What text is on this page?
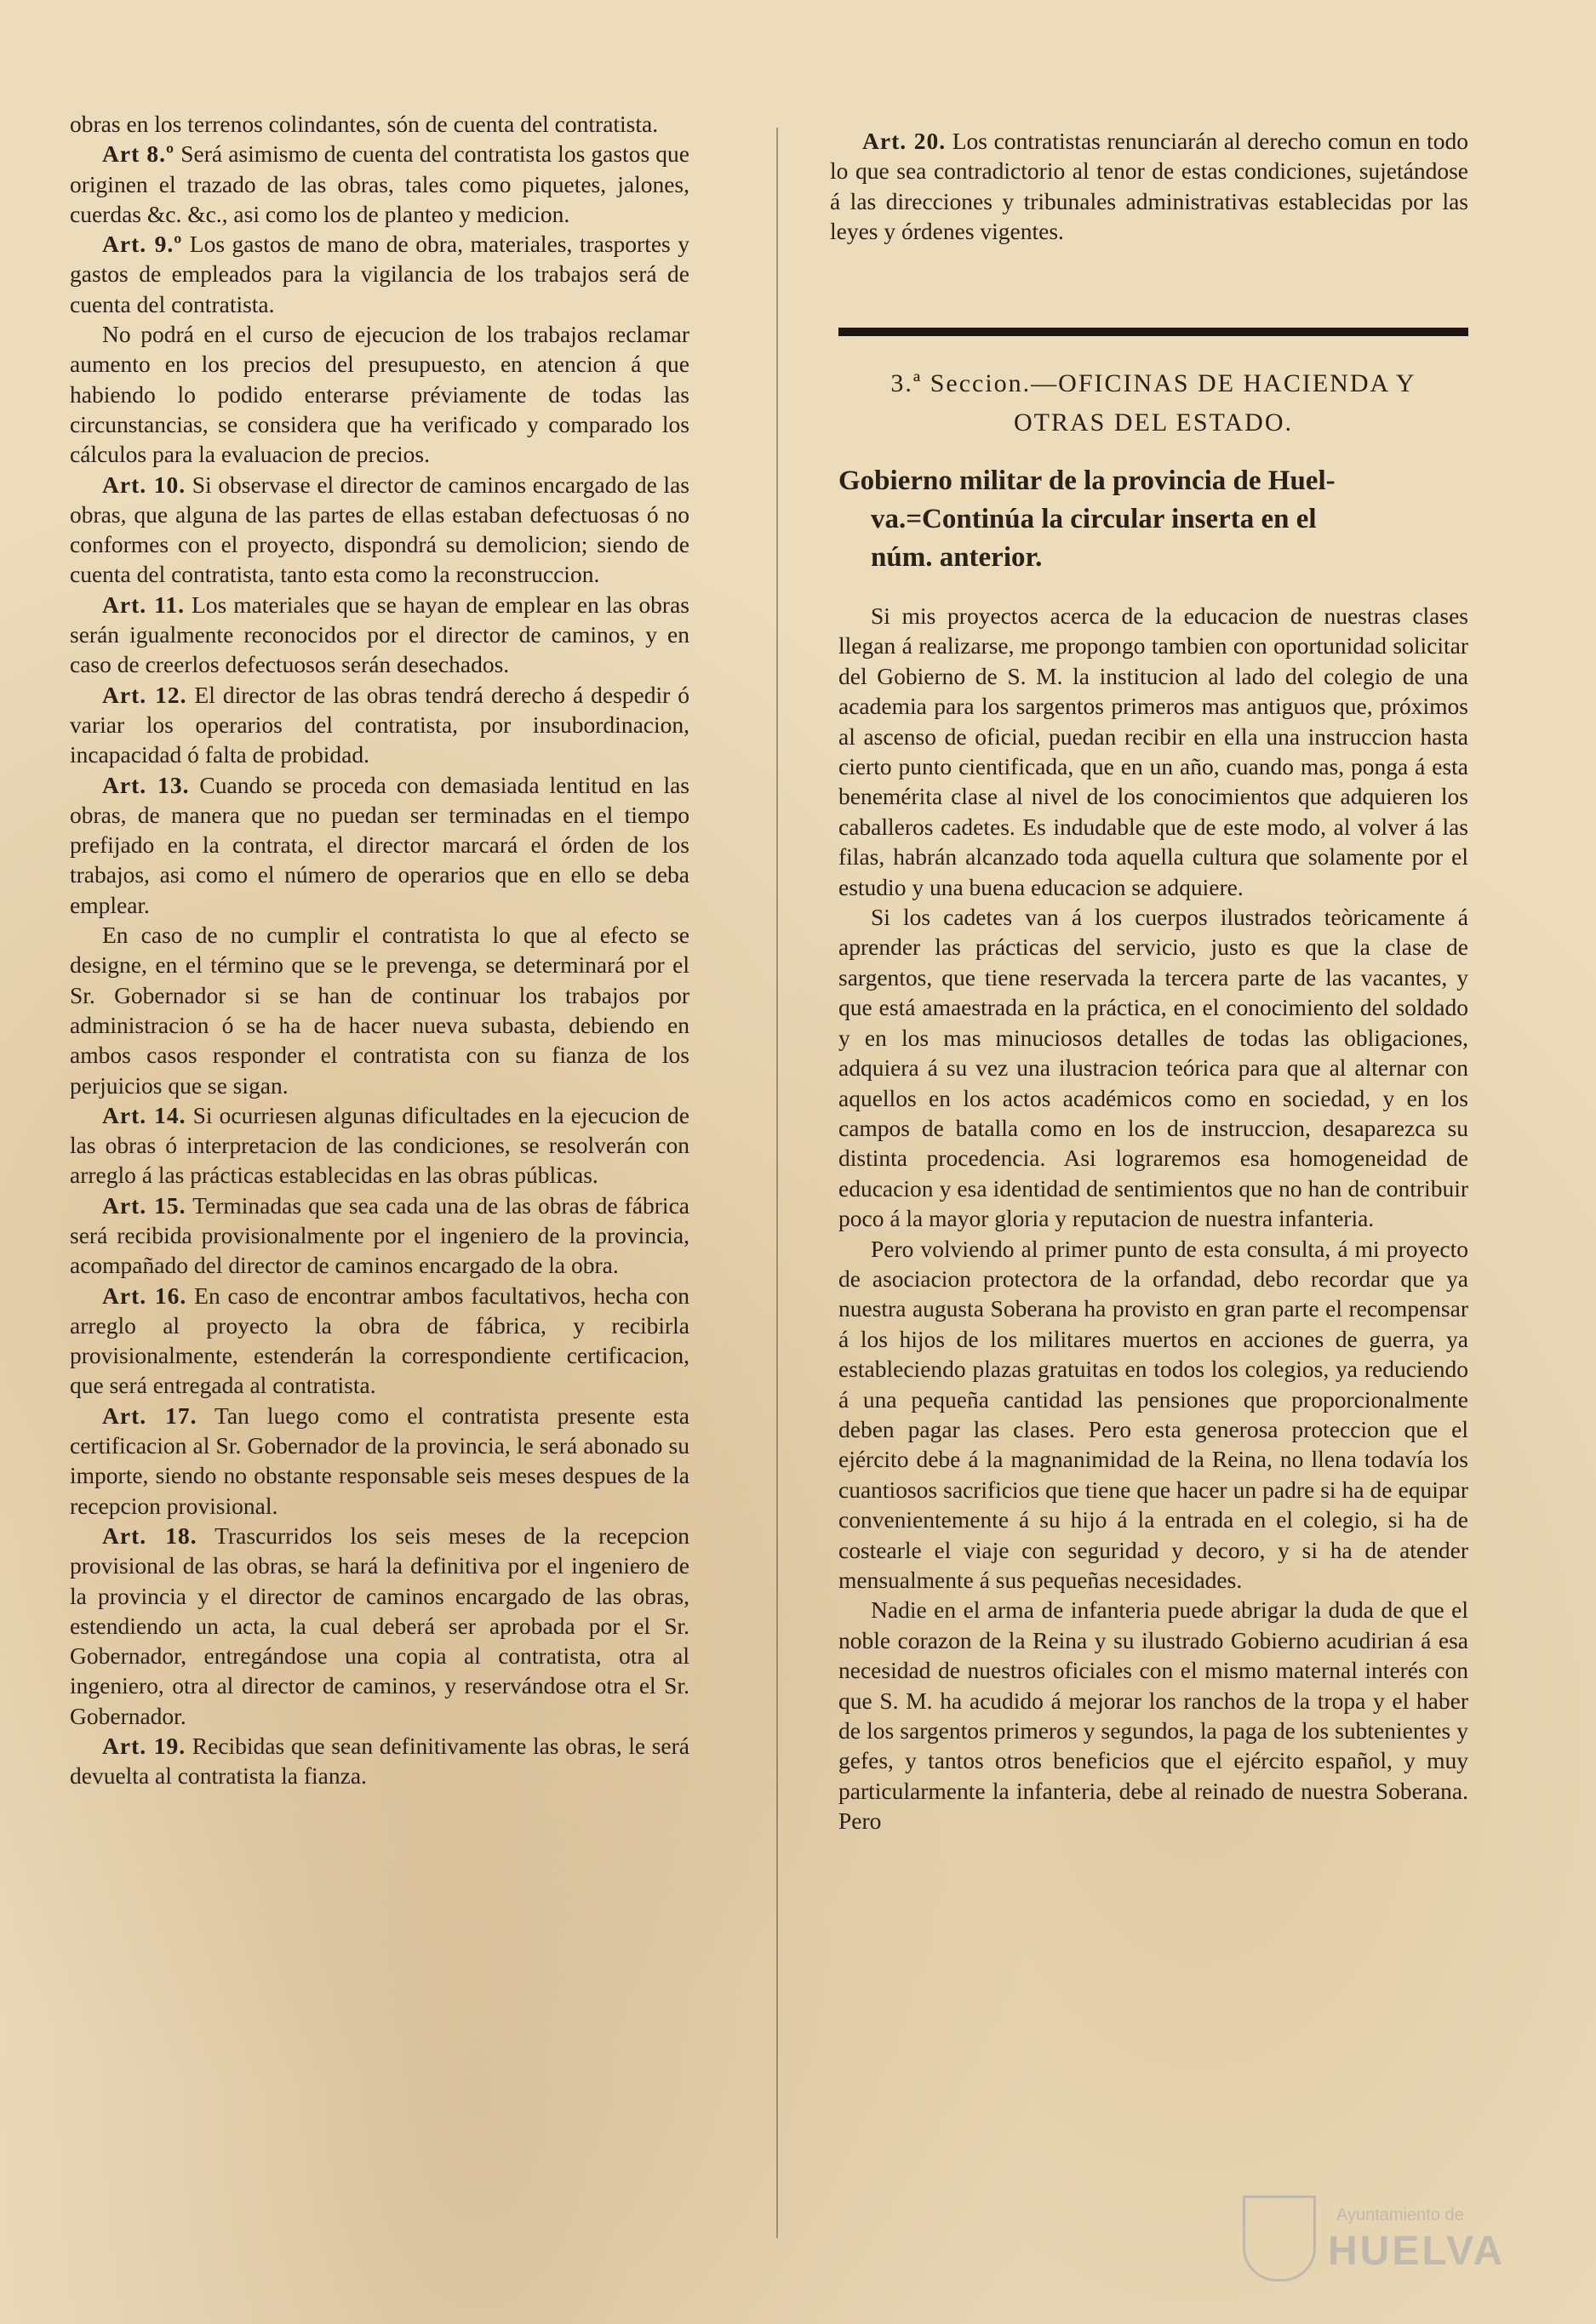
obras en los terrenos colindantes, són de cuenta del contratista.

Art 8.º Será asimismo de cuenta del contratista los gastos que originen el trazado de las obras, tales como piquetes, jalones, cuerdas &c. &c., asi como los de planteo y medicion.

Art. 9.º Los gastos de mano de obra, materiales, trasportes y gastos de empleados para la vigilancia de los trabajos será de cuenta del contratista.

No podrá en el curso de ejecucion de los trabajos reclamar aumento en los precios del presupuesto, en atencion á que habiendo lo podido enterarse préviamente de todas las circunstancias, se considera que ha verificado y comparado los cálculos para la evaluacion de precios.

Art. 10. Si observase el director de caminos encargado de las obras, que alguna de las partes de ellas estaban defectuosas ó no conformes con el proyecto, dispondrá su demolicion; siendo de cuenta del contratista, tanto esta como la reconstruccion.

Art. 11. Los materiales que se hayan de emplear en las obras serán igualmente reconocidos por el director de caminos, y en caso de creerlos defectuosos serán desechados.

Art. 12. El director de las obras tendrá derecho á despedir ó variar los operarios del contratista, por insubordinacion, incapacidad ó falta de probidad.

Art. 13. Cuando se proceda con demasiada lentitud en las obras, de manera que no puedan ser terminadas en el tiempo prefijado en la contrata, el director marcará el órden de los trabajos, asi como el número de operarios que en ello se deba emplear.

En caso de no cumplir el contratista lo que al efecto se designe, en el término que se le prevenga, se determinará por el Sr. Gobernador si se han de continuar los trabajos por administracion ó se ha de hacer nueva subasta, debiendo en ambos casos responder el contratista con su fianza de los perjuicios que se sigan.

Art. 14. Si ocurriesen algunas dificultades en la ejecucion de las obras ó interpretacion de las condiciones, se resolverán con arreglo á las prácticas establecidas en las obras públicas.

Art. 15. Terminadas que sea cada una de las obras de fábrica será recibida provisionalmente por el ingeniero de la provincia, acompañado del director de caminos encargado de la obra.

Art. 16. En caso de encontrar ambos facultativos, hecha con arreglo al proyecto la obra de fábrica, y recibirla provisionalmente, estenderán la correspondiente certificacion, que será entregada al contratista.

Art. 17. Tan luego como el contratista presente esta certificacion al Sr. Gobernador de la provincia, le será abonado su importe, siendo no obstante responsable seis meses despues de la recepcion provisional.

Art. 18. Trascurridos los seis meses de la recepcion provisional de las obras, se hará la definitiva por el ingeniero de la provincia y el director de caminos encargado de las obras, estendiendo un acta, la cual deberá ser aprobada por el Sr. Gobernador, entregándose una copia al contratista, otra al ingeniero, otra al director de caminos, y reservándose otra el Sr. Gobernador.

Art. 19. Recibidas que sean definitivamente las obras, le será devuelta al contratista la fianza.

Art. 20. Los contratistas renunciarán al derecho comun en todo lo que sea contradictorio al tenor de estas condiciones, sujetándose á las direcciones y tribunales administrativas establecidas por las leyes y órdenes vigentes.

3.ª Seccion.—OFICINAS DE HACIENDA Y
OTRAS DEL ESTADO.
Gobierno militar de la provincia de Huel-
va.=Continúa la circular inserta en el
núm. anterior.

Si mis proyectos acerca de la educacion de nuestras clases llegan á realizarse, me propongo tambien con oportunidad solicitar del Gobierno de S. M. la institucion al lado del colegio de una academia para los sargentos primeros mas antiguos que, próximos al ascenso de oficial, puedan recibir en ella una instruccion hasta cierto punto cientificada, que en un año, cuando mas, ponga á esta benemérita clase al nivel de los conocimientos que adquieren los caballeros cadetes. Es indudable que de este modo, al volver á las filas, habrán alcanzado toda aquella cultura que solamente por el estudio y una buena educacion se adquiere.

Si los cadetes van á los cuerpos ilustrados teòricamente á aprender las prácticas del servicio, justo es que la clase de sargentos, que tiene reservada la tercera parte de las vacantes, y que está amaestrada en la práctica, en el conocimiento del soldado y en los mas minuciosos detalles de todas las obligaciones, adquiera á su vez una ilustracion teórica para que al alternar con aquellos en los actos académicos como en sociedad, y en los campos de batalla como en los de instruccion, desaparezca su distinta procedencia. Asi lograremos esa homogeneidad de educacion y esa identidad de sentimientos que no han de contribuir poco á la mayor gloria y reputacion de nuestra infanteria.

Pero volviendo al primer punto de esta consulta, á mi proyecto de asociacion protectora de la orfandad, debo recordar que ya nuestra augusta Soberana ha provisto en gran parte el recompensar á los hijos de los militares muertos en acciones de guerra, ya estableciendo plazas gratuitas en todos los colegios, ya reduciendo á una pequeña cantidad las pensiones que proporcionalmente deben pagar las clases. Pero esta generosa proteccion que el ejército debe á la magnanimidad de la Reina, no llena todavía los cuantiosos sacrificios que tiene que hacer un padre si ha de equipar convenientemente á su hijo á la entrada en el colegio, si ha de costearle el viaje con seguridad y decoro, y si ha de atender mensualmente á sus pequeñas necesidades.

Nadie en el arma de infanteria puede abrigar la duda de que el noble corazon de la Reina y su ilustrado Gobierno acudirian á esa necesidad de nuestros oficiales con el mismo maternal interés con que S. M. ha acudido á mejorar los ranchos de la tropa y el haber de los sargentos primeros y segundos, la paga de los subtenientes y gefes, y tantos otros beneficios que el ejército español, y muy particularmente la infanteria, debe al reinado de nuestra Soberana. Pero

Ayuntamiento de
HUELVA
